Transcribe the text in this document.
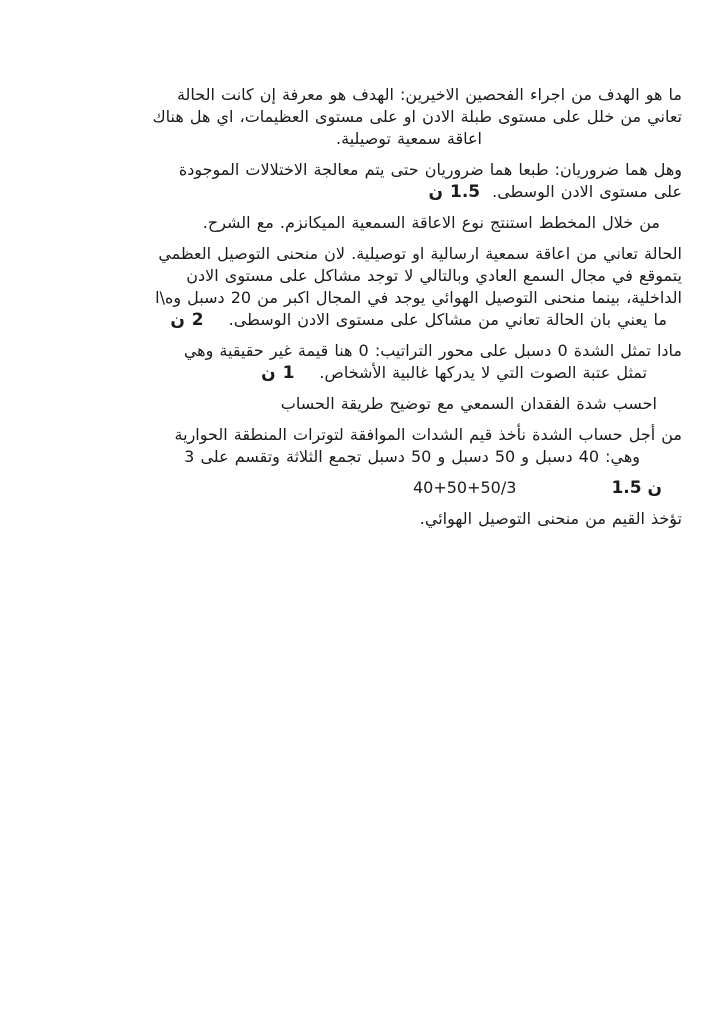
ما هو الهدف من اجراء الفحصين الاخيرين: الهدف هو معرفة إن كانت الحالة
تعاني من خلل على مستوى طبلة الادن او على مستوى العظيمات، اي هل هناك
اعاقة سمعية توصيلية.
وهل هما ضروريان: طبعا هما ضروريان حتى يتم معالجة الاختلالات الموجودة
على مستوى الادن الوسطى.1.5 ن
من خلال المخطط استنتج نوع الاعاقة السمعية الميكانزم. مع الشرح.
الحالة تعاني من اعاقة سمعية ارسالية او توصيلية. لان منحنى التوصيل العظمي
يتموقع في مجال السمع العادي وبالتالي لا توجد مشاكل على مستوى الادن
الداخلية، بينما منحنى التوصيل الهوائي يوجد في المجال اكبر من 20 دسبل وه\ا
ما يعني بان الحالة تعاني من مشاكل على مستوى الادن الوسطى.2 ن
مادا تمثل الشدة 0 دسبل على محور التراتيب: 0 هنا قيمة غير حقيقية وهي
تمثل عتبة الصوت التي لا يدركها غالبية الأشخاص.1 ن
احسب شدة الفقدان السمعي مع توضيح طريقة الحساب
من أجل حساب الشدة نأخذ قيم الشدات الموافقة لتوترات المنطقة الحوارية
وهي: 40 دسبل و 50 دسبل و 50 دسبل تجمع الثلاثة وتقسم على 3
40+50+50/3	1.5 ن
تؤخذ القيم من منحنى التوصيل الهوائي.
